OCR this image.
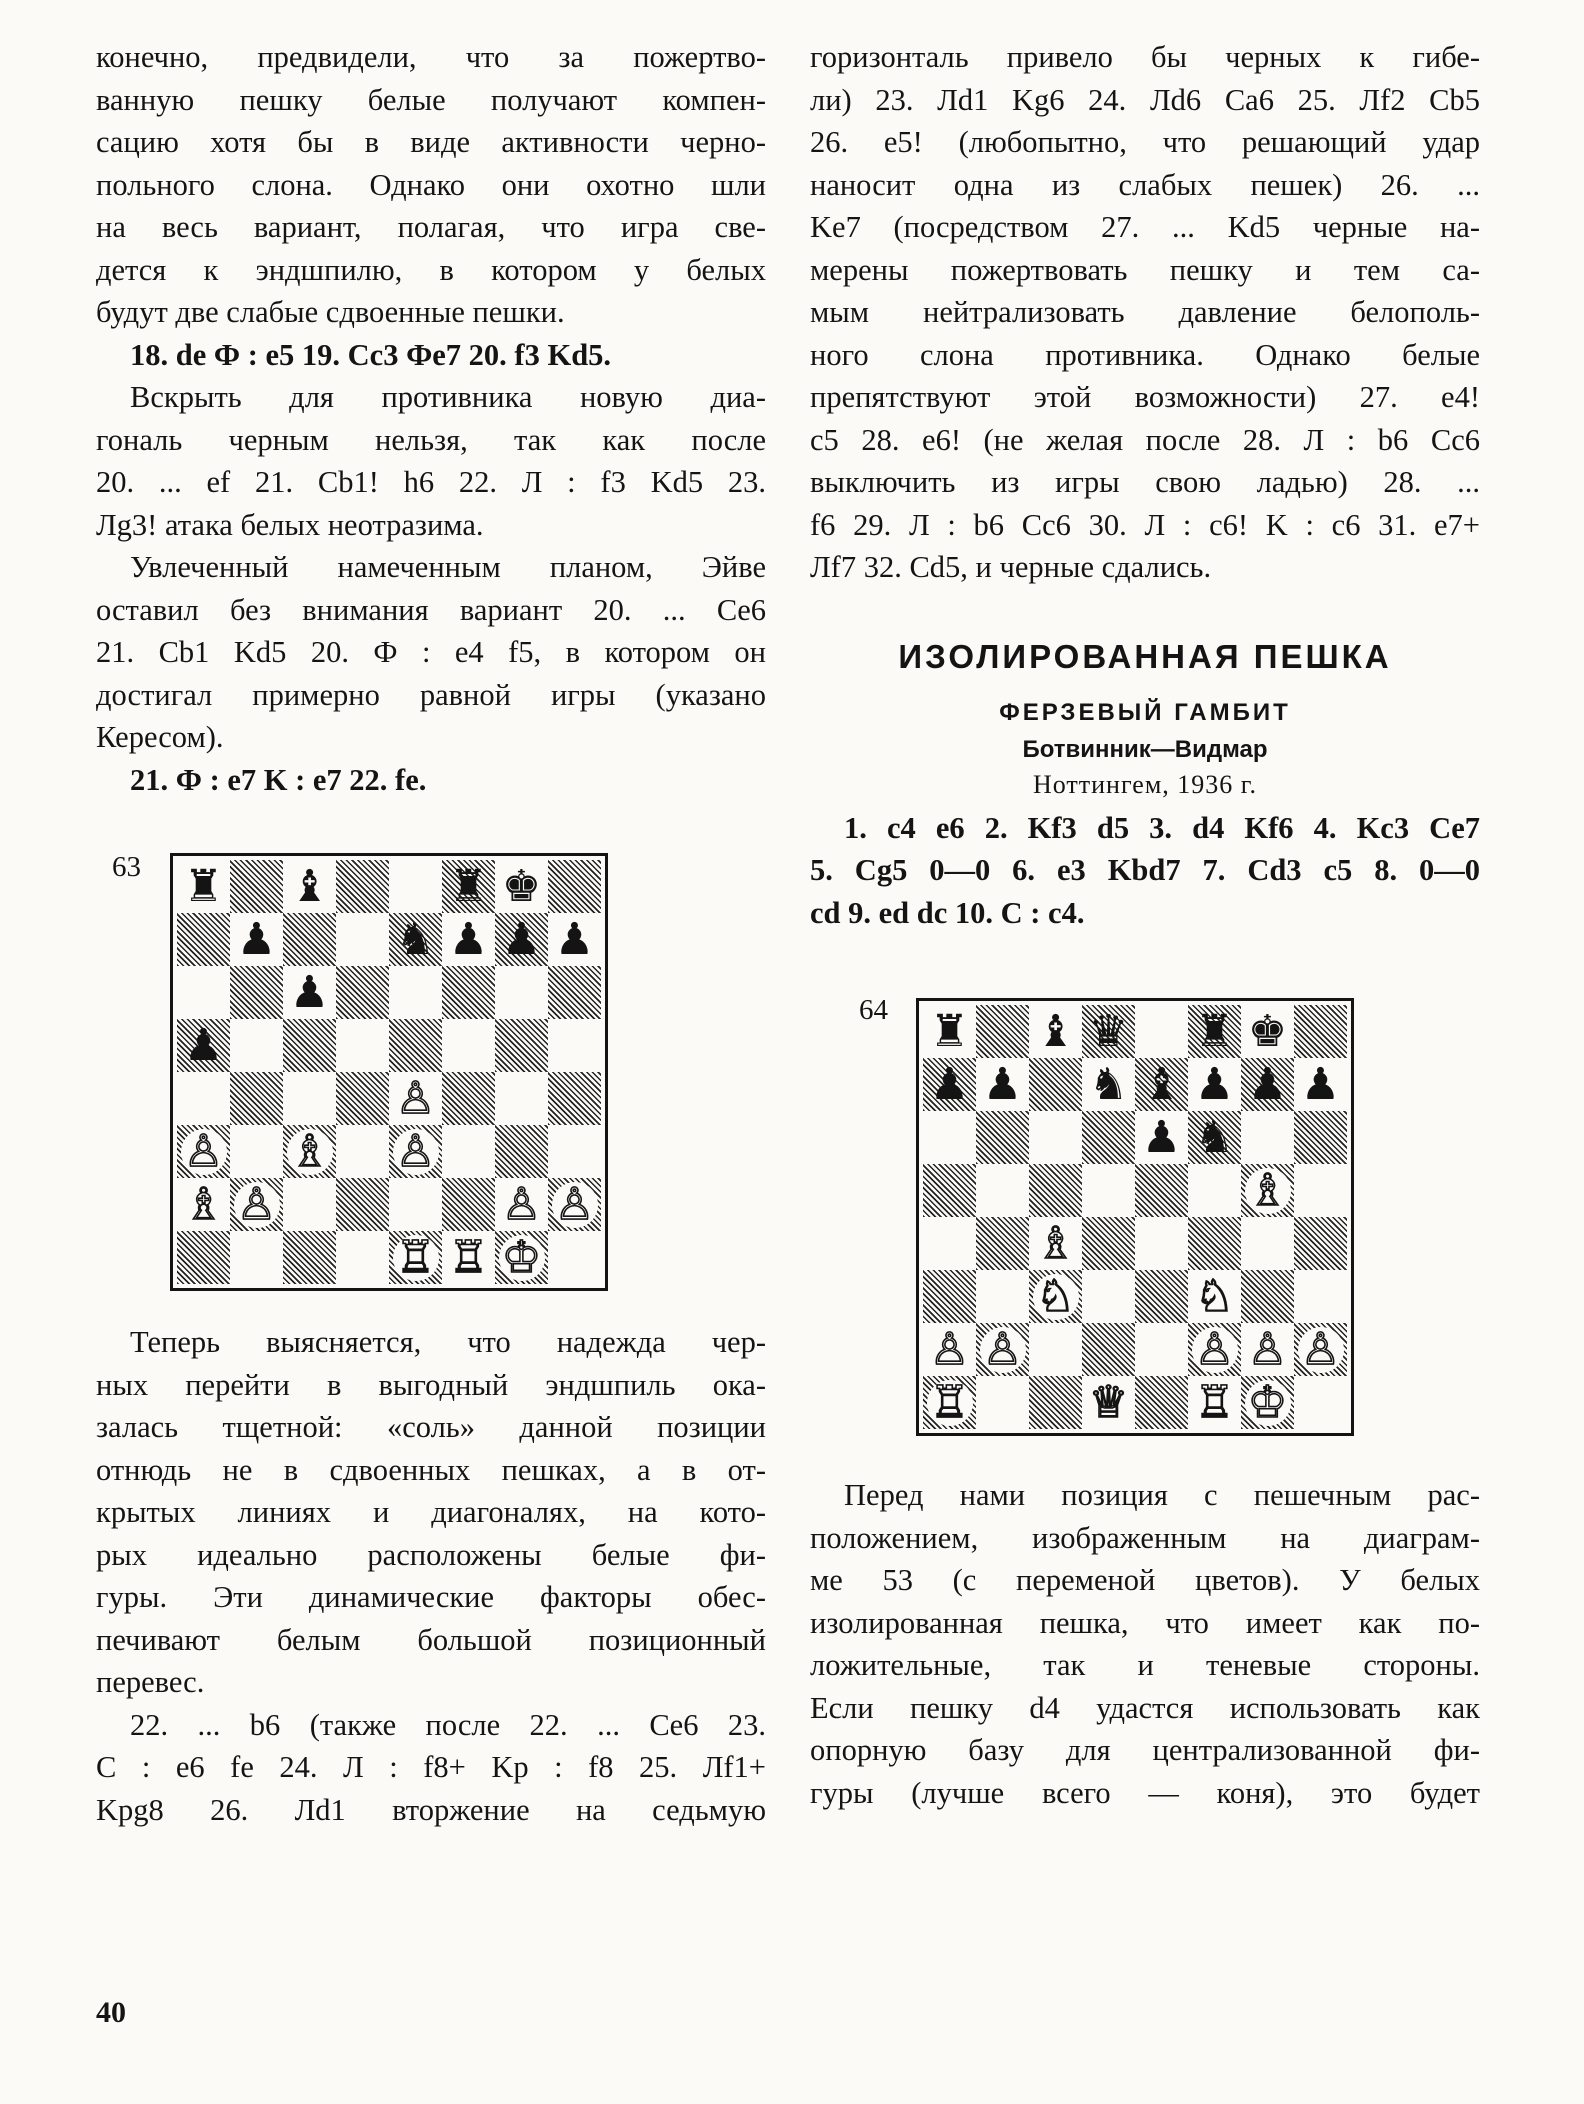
конечно, предвидели, что за пожертво-
ванную пешку белые получают компен-
сацию хотя бы в виде активности черно-
польного слона. Однако они охотно шли
на весь вариант, полагая, что игра све-
дется к эндшпилю, в котором у белых
будут две слабые сдвоенные пешки.
18. de Ф : e5 19. Cc3 Фe7 20. f3 Kd5.
Вскрыть для противника новую диа-
гональ черным нельзя, так как после
20. ... ef 21. Cb1! h6 22. Л : f3 Kd5 23.
Лg3! атака белых неотразима.
Увлеченный намеченным планом, Эйве
оставил без внимания вариант 20. ... Ce6
21. Cb1 Kd5 20. Ф : e4 f5, в котором он
достигал примерно равной игры (указано
Кересом).
21. Ф : e7 K : e7 22. fe.
63 ♜ ♝	♜ ♚
♟	♞ ♟ ♟ ♟
♟
♟
♙
♙ ♗ ♙
♗ ♙	♙ ♙
♖ ♖ ♔
Теперь выясняется, что надежда чер-
ных перейти в выгодный эндшпиль ока-
залась тщетной: «соль» данной позиции
отнюдь не в сдвоенных пешках, а в от-
крытых линиях и диагоналях, на кото-
рых идеально расположены белые фи-
гуры. Эти динамические факторы обес-
печивают белым большой позиционный
перевес.
22. ... b6 (также после 22. ... Ce6 23.
C : e6 fe 24. Л : f8+ Kp : f8 25. Лf1+
Kpg8 26. Лd1 вторжение на седьмую
горизонталь привело бы черных к гибе-
ли) 23. Лd1 Kg6 24. Лd6 Ca6 25. Лf2 Cb5
26. e5! (любопытно, что решающий удар
наносит одна из слабых пешек) 26. ...
Ke7 (посредством 27. ... Kd5 черные на-
мерены пожертвовать пешку и тем са-
мым нейтрализовать давление белополь-
ного слона противника. Однако белые
препятствуют этой возможности) 27. e4!
c5 28. e6! (не желая после 28. Л : b6 Cc6
выключить из игры свою ладью) 28. ...
f6 29. Л : b6 Cc6 30. Л : c6! K : c6 31. e7+
Лf7 32. Cd5, и черные сдались.
ИЗОЛИРОВАННАЯ ПЕШКА
ФЕРЗЕВЫЙ ГАМБИТ
Ботвинник—Видмар
Ноттингем, 1936 г.
1. c4 e6 2. Kf3 d5 3. d4 Kf6 4. Kc3 Ce7
5. Cg5 0—0 6. e3 Kbd7 7. Cd3 c5 8. 0—0
cd 9. ed dc 10. C : c4.
64 ♜ ♝ ♛ ♜ ♚
♟ ♟ ♞ ♝ ♟ ♟ ♟
♟ ♞
♗
♗
♘	♘
♙ ♙	♙ ♙ ♙
♖	♕ ♖ ♔
Перед нами позиция с пешечным рас-
положением, изображенным на диаграм-
ме 53 (с переменой цветов). У белых
изолированная пешка, что имеет как по-
ложительные, так и теневые стороны.
Если пешку d4 удастся использовать как
опорную базу для централизованной фи-
гуры (лучше всего — коня), это будет
40
